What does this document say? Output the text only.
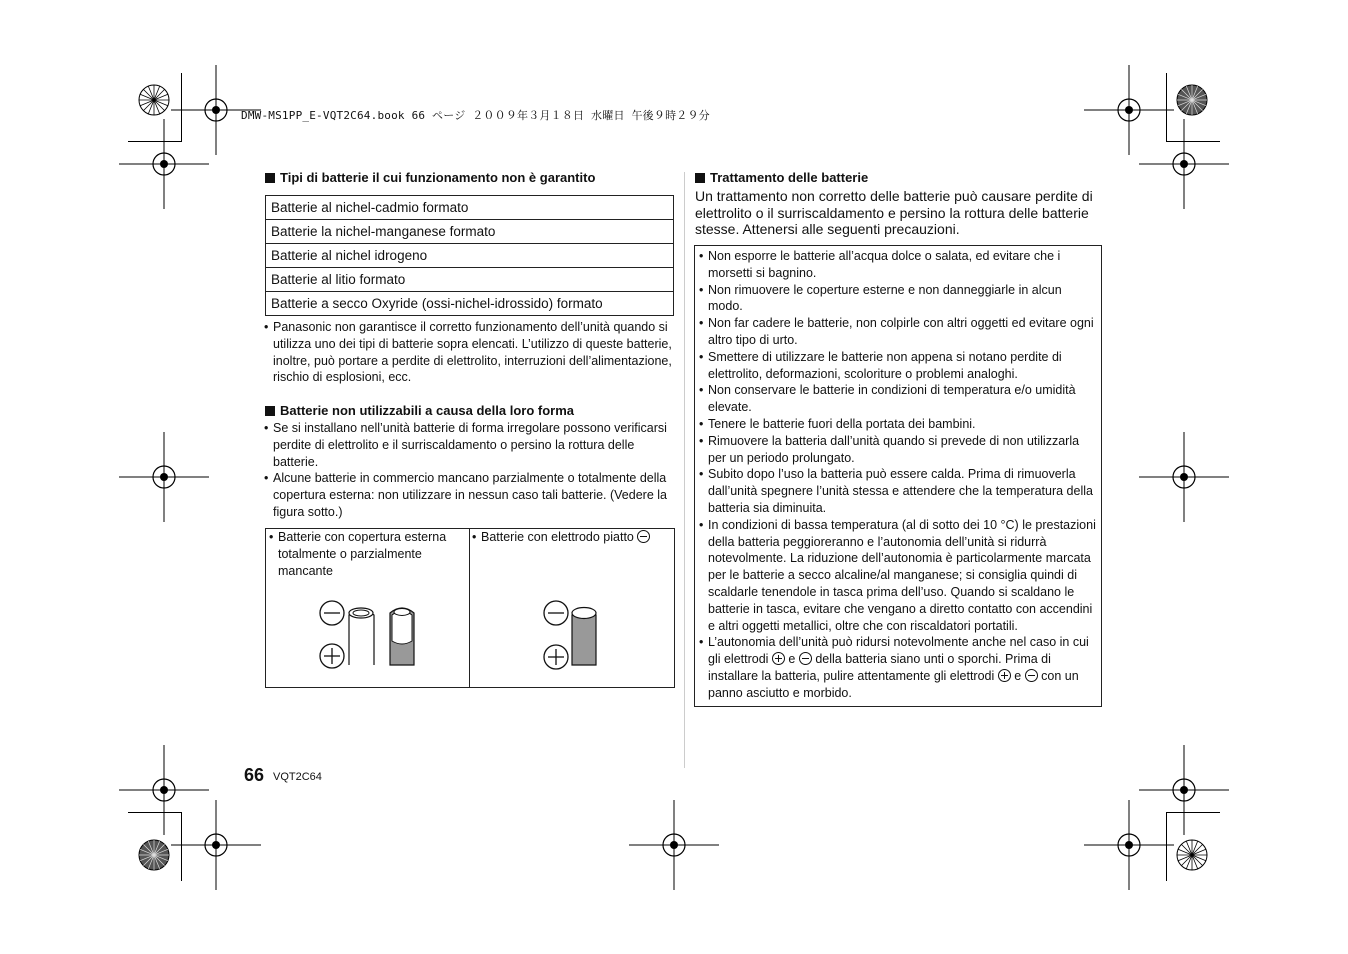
DMW-MS1PP_E-VQT2C64.book 66 ページ ２００９年３月１８日 水曜日 午後９時２９分
Tipi di batterie il cui funzionamento non è garantito
Batterie al nichel-cadmio formato
Batterie la nichel-manganese formato
Batterie al nichel idrogeno
Batterie al litio formato
Batterie a secco Oxyride (ossi-nichel-idrossido) formato
• Panasonic non garantisce il corretto funzionamento dell’unità quando si utilizza uno dei tipi di batterie sopra elencati. L’utilizzo di queste batterie, inoltre, può portare a perdite di elettrolito, interruzioni dell’alimentazione, rischio di esplosioni, ecc.
Batterie non utilizzabili a causa della loro forma
• Se si installano nell’unità batterie di forma irregolare possono verificarsi perdite di elettrolito e il surriscaldamento o persino la rottura delle batterie.
• Alcune batterie in commercio mancano parzialmente o totalmente della copertura esterna: non utilizzare in nessun caso tali batterie. (Vedere la figura sotto.)
• Batterie con copertura esterna totalmente o parzialmente mancante
• Batterie con elettrodo piatto
Trattamento delle batterie
Un trattamento non corretto delle batterie può causare perdite di elettrolito o il surriscaldamento e persino la rottura delle batterie stesse. Attenersi alle seguenti precauzioni.
• Non esporre le batterie all’acqua dolce o salata, ed evitare che i morsetti si bagnino.
• Non rimuovere le coperture esterne e non danneggiarle in alcun modo.
• Non far cadere le batterie, non colpirle con altri oggetti ed evitare ogni altro tipo di urto.
• Smettere di utilizzare le batterie non appena si notano perdite di elettrolito, deformazioni, scoloriture o problemi analoghi.
• Non conservare le batterie in condizioni di temperatura e/o umidità elevate.
• Tenere le batterie fuori della portata dei bambini.
• Rimuovere la batteria dall’unità quando si prevede di non utilizzarla per un periodo prolungato.
• Subito dopo l’uso la batteria può essere calda. Prima di rimuoverla dall’unità spegnere l’unità stessa e attendere che la temperatura della batteria sia diminuita.
• In condizioni di bassa temperatura (al di sotto dei 10 °C) le prestazioni della batteria peggioreranno e l’autonomia dell’unità si ridurrà notevolmente. La riduzione dell’autonomia è particolarmente marcata per le batterie a secco alcaline/al manganese; si consiglia quindi di scaldarle tenendole in tasca prima dell’uso. Quando si scaldano le batterie in tasca, evitare che vengano a diretto contatto con accendini e altri oggetti metallici, oltre che con riscaldatori portatili.
• L’autonomia dell’unità può ridursi notevolmente anche nel caso in cui gli elettrodi e della batteria siano unti o sporchi. Prima di installare la batteria, pulire attentamente gli elettrodi e con un panno asciutto e morbido.
66 VQT2C64
